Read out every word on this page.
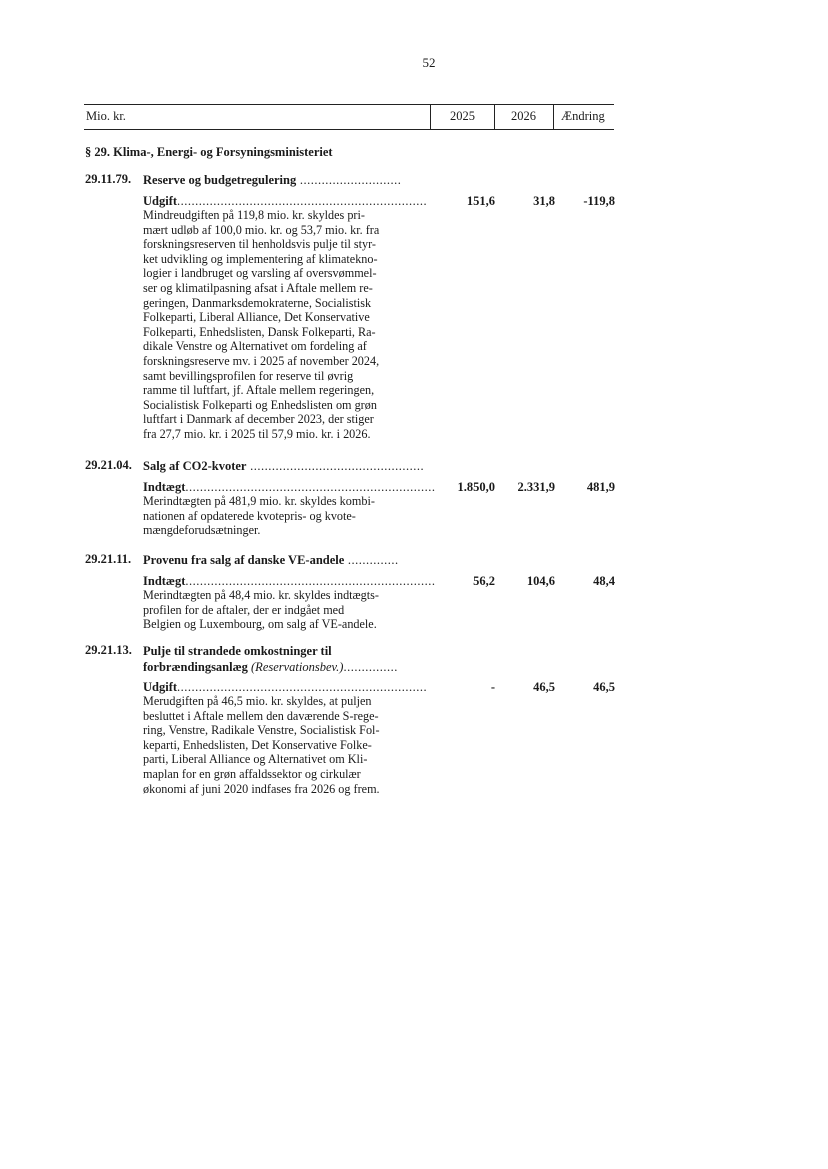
52
Mio. kr.	2025	2026 Ændring
§ 29. Klima-, Energi- og Forsyningsministeriet
29.11.79. Reserve og budgetregulering ............................
Udgift.....................................................................	151,6	31,8	-119,8
Mindreudgiften på 119,8 mio. kr. skyldes pri-
mært udløb af 100,0 mio. kr. og 53,7 mio. kr. fra
forskningsreserven til henholdsvis pulje til styr-
ket udvikling og implementering af klimatekno-
logier i landbruget og varsling af oversvømmel-
ser og klimatilpasning afsat i Aftale mellem re-
geringen, Danmarksdemokraterne, Socialistisk
Folkeparti, Liberal Alliance, Det Konservative
Folkeparti, Enhedslisten, Dansk Folkeparti, Ra-
dikale Venstre og Alternativet om fordeling af
forskningsreserve mv. i 2025 af november 2024,
samt bevillingsprofilen for reserve til øvrig
ramme til luftfart, jf. Aftale mellem regeringen,
Socialistisk Folkeparti og Enhedslisten om grøn
luftfart i Danmark af december 2023, der stiger
fra 27,7 mio. kr. i 2025 til 57,9 mio. kr. i 2026.
29.21.04. Salg af CO2-kvoter ................................................
Indtægt.....................................................................	1.850,0	2.331,9	481,9
Merindtægten på 481,9 mio. kr. skyldes kombi-
nationen af opdaterede kvotepris- og kvote-
mængdeforudsætninger.
29.21.11. Provenu fra salg af danske VE-andele ..............
Indtægt.....................................................................	56,2	104,6	48,4
Merindtægten på 48,4 mio. kr. skyldes indtægts-
profilen for de aftaler, der er indgået med
Belgien og Luxembourg, om salg af VE-andele.
29.21.13. Pulje til strandede omkostninger til
forbrændingsanlæg (Reservationsbev.)...............
Udgift.....................................................................	-	46,5	46,5
Merudgiften på 46,5 mio. kr. skyldes, at puljen
besluttet i Aftale mellem den daværende S-rege-
ring, Venstre, Radikale Venstre, Socialistisk Fol-
keparti, Enhedslisten, Det Konservative Folke-
parti, Liberal Alliance og Alternativet om Kli-
maplan for en grøn affaldssektor og cirkulær
økonomi af juni 2020 indfases fra 2026 og frem.
